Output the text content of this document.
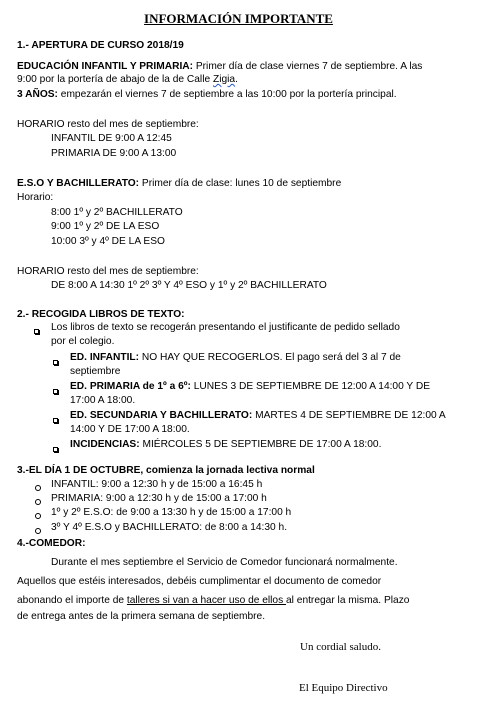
INFORMACIÓN IMPORTANTE
1.- APERTURA DE CURSO 2018/19
EDUCACIÓN INFANTIL Y PRIMARIA: Primer día de clase viernes 7 de septiembre. A las
9:00 por la portería de abajo de la de Calle Zigia.
3 AÑOS: empezarán el viernes 7 de septiembre a las 10:00 por la portería principal.
HORARIO resto del mes de septiembre:
INFANTIL DE 9:00 A 12:45
PRIMARIA DE 9:00 A 13:00
E.S.O Y BACHILLERATO: Primer día de clase: lunes 10 de septiembre
Horario:
8:00 1º y 2º BACHILLERATO
9:00 1º y 2º DE LA ESO
10:00 3º y 4º DE LA ESO
HORARIO resto del mes de septiembre:
DE 8:00 A 14:30 1º 2º 3º Y 4º ESO y 1º y 2º BACHILLERATO
2.- RECOGIDA LIBROS DE TEXTO:
Los libros de texto se recogerán presentando el justificante de pedido sellado
por el colegio.
ED. INFANTIL: NO HAY QUE RECOGERLOS. El pago será del 3 al 7 de
septiembre
ED. PRIMARIA de 1º a 6º: LUNES 3 DE SEPTIEMBRE DE 12:00 A 14:00 Y DE
17:00 A 18:00.
ED. SECUNDARIA Y BACHILLERATO: MARTES 4 DE SEPTIEMBRE DE 12:00 A
14:00 Y DE 17:00 A 18:00.
INCIDENCIAS: MIÉRCOLES 5 DE SEPTIEMBRE DE 17:00 A 18:00.
3.-EL DÍA 1 DE OCTUBRE, comienza la jornada lectiva normal
INFANTIL: 9:00 a 12:30 h y de 15:00 a 16:45 h
PRIMARIA: 9:00 a 12:30 h y de 15:00 a 17:00 h
1º y 2º E.S.O: de 9:00 a 13:30 h y de 15:00 a 17:00 h
3º Y 4º E.S.O y BACHILLERATO: de 8:00 a 14:30 h.
4.-COMEDOR:
Durante el mes septiembre el Servicio de Comedor funcionará normalmente.
Aquellos que estéis interesados, debéis cumplimentar el documento de comedor
abonando el importe de talleres si van a hacer uso de ellos al entregar la misma. Plazo
de entrega antes de la primera semana de septiembre.
Un cordial saludo.
El Equipo Directivo
